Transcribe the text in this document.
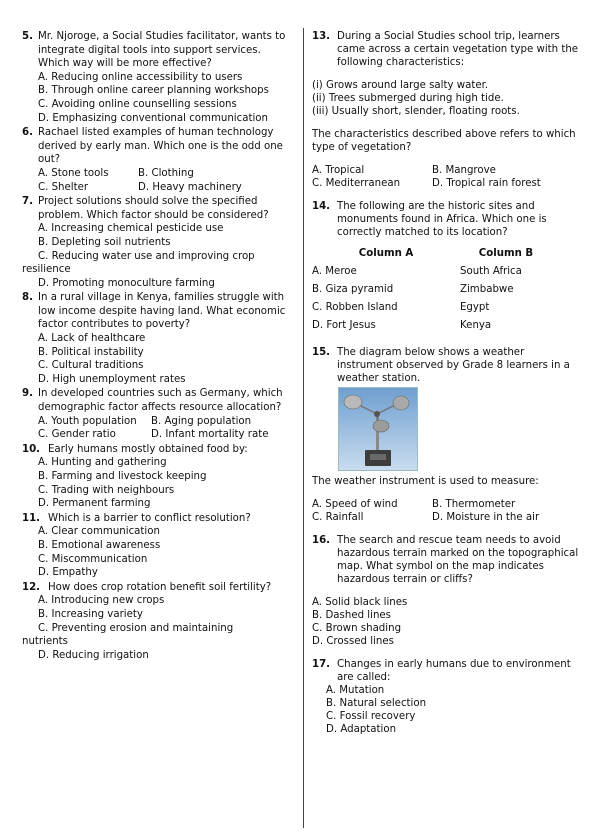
5. Mr. Njoroge, a Social Studies facilitator, wants to integrate digital tools into support services. Which way will be more effective?
A. Reducing online accessibility to users
B. Through online career planning workshops
C. Avoiding online counselling sessions
D. Emphasizing conventional communication
6. Rachael listed examples of human technology derived by early man. Which one is the odd one out?
A. Stone tools	B. Clothing
C. Shelter	D. Heavy machinery
7. Project solutions should solve the specified problem. Which factor should be considered?
A. Increasing chemical pesticide use
B. Depleting soil nutrients
C. Reducing water use and improving crop
resilience
D. Promoting monoculture farming
8. In a rural village in Kenya, families struggle with low income despite having land. What economic factor contributes to poverty?
A. Lack of healthcare
B. Political instability
C. Cultural traditions
D. High unemployment rates
9. In developed countries such as Germany, which demographic factor affects resource allocation?
A. Youth population	B. Aging population
C. Gender ratio	D. Infant mortality rate
10. Early humans mostly obtained food by:
A. Hunting and gathering
B. Farming and livestock keeping
C. Trading with neighbours
D. Permanent farming
11. Which is a barrier to conflict resolution?
A. Clear communication
B. Emotional awareness
C. Miscommunication
D. Empathy
12. How does crop rotation benefit soil fertility?
A. Introducing new crops
B. Increasing variety
C. Preventing erosion and maintaining
nutrients
D. Reducing irrigation
13. During a Social Studies school trip, learners came across a certain vegetation type with the following characteristics:
(i) Grows around large salty water.
(ii) Trees submerged during high tide.
(iii) Usually short, slender, floating roots.
The characteristics described above refers to which type of vegetation?
A. Tropical	B. Mangrove
C. Mediterranean	D. Tropical rain forest
14. The following are the historic sites and monuments found in Africa. Which one is correctly matched to its location?
Column A	Column B
A. Meroe	South Africa
B. Giza pyramid	Zimbabwe
C. Robben Island	Egypt
D. Fort Jesus	Kenya
15. The diagram below shows a weather instrument observed by Grade 8 learners in a weather station.
The weather instrument is used to measure:
A. Speed of wind	B. Thermometer
C. Rainfall	D. Moisture in the air
16. The search and rescue team needs to avoid hazardous terrain marked on the topographical map. What symbol on the map indicates hazardous terrain or cliffs?
A. Solid black lines
B. Dashed lines
C. Brown shading
D. Crossed lines
17. Changes in early humans due to environment are called:
A. Mutation
B. Natural selection
C. Fossil recovery
D. Adaptation
